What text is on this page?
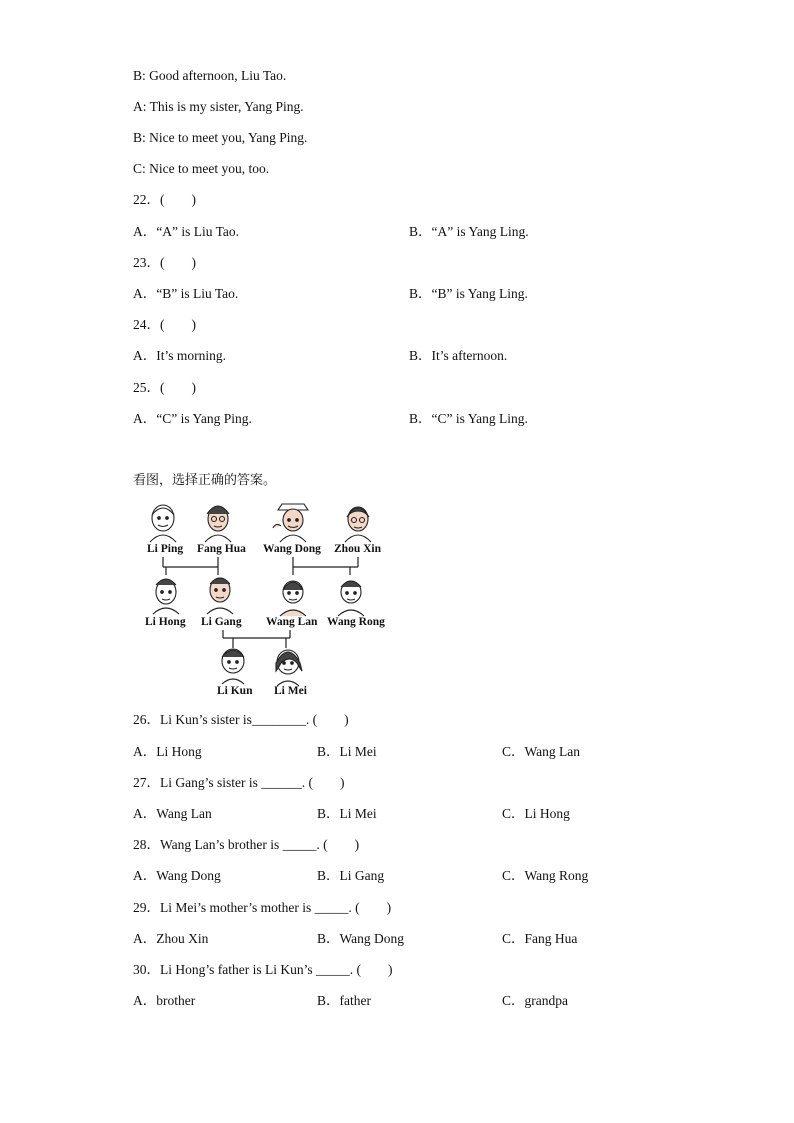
B: Good afternoon, Liu Tao.
A: This is my sister, Yang Ping.
B: Nice to meet you, Yang Ping.
C: Nice to meet you, too.
22．(        )
A．“A” is Liu Tao.	B．“A” is Yang Ling.
23．(        )
A．“B” is Liu Tao.	B．“B” is Yang Ling.
24．(        )
A．It’s morning.	B．It’s afternoon.
25．(        )
A．“C” is Yang Ping.	B．“C” is Yang Ling.
看图，选择正确的答案。
Li Ping Fang Hua Wang Dong Zhou Xin
Li Hong Li Gang Wang Lan Wang Rong
Li Kun Li Mei
26．Li Kun’s sister is________. (        )
A．Li Hong	B．Li Mei	C．Wang Lan
27．Li Gang’s sister is ______. (        )
A．Wang Lan	B．Li Mei	C．Li Hong
28．Wang Lan’s brother is _____. (        )
A．Wang Dong	B．Li Gang	C．Wang Rong
29．Li Mei’s mother’s mother is _____. (        )
A．Zhou Xin	B．Wang Dong	C．Fang Hua
30．Li Hong’s father is Li Kun’s _____. (        )
A．brother	B．father	C．grandpa
